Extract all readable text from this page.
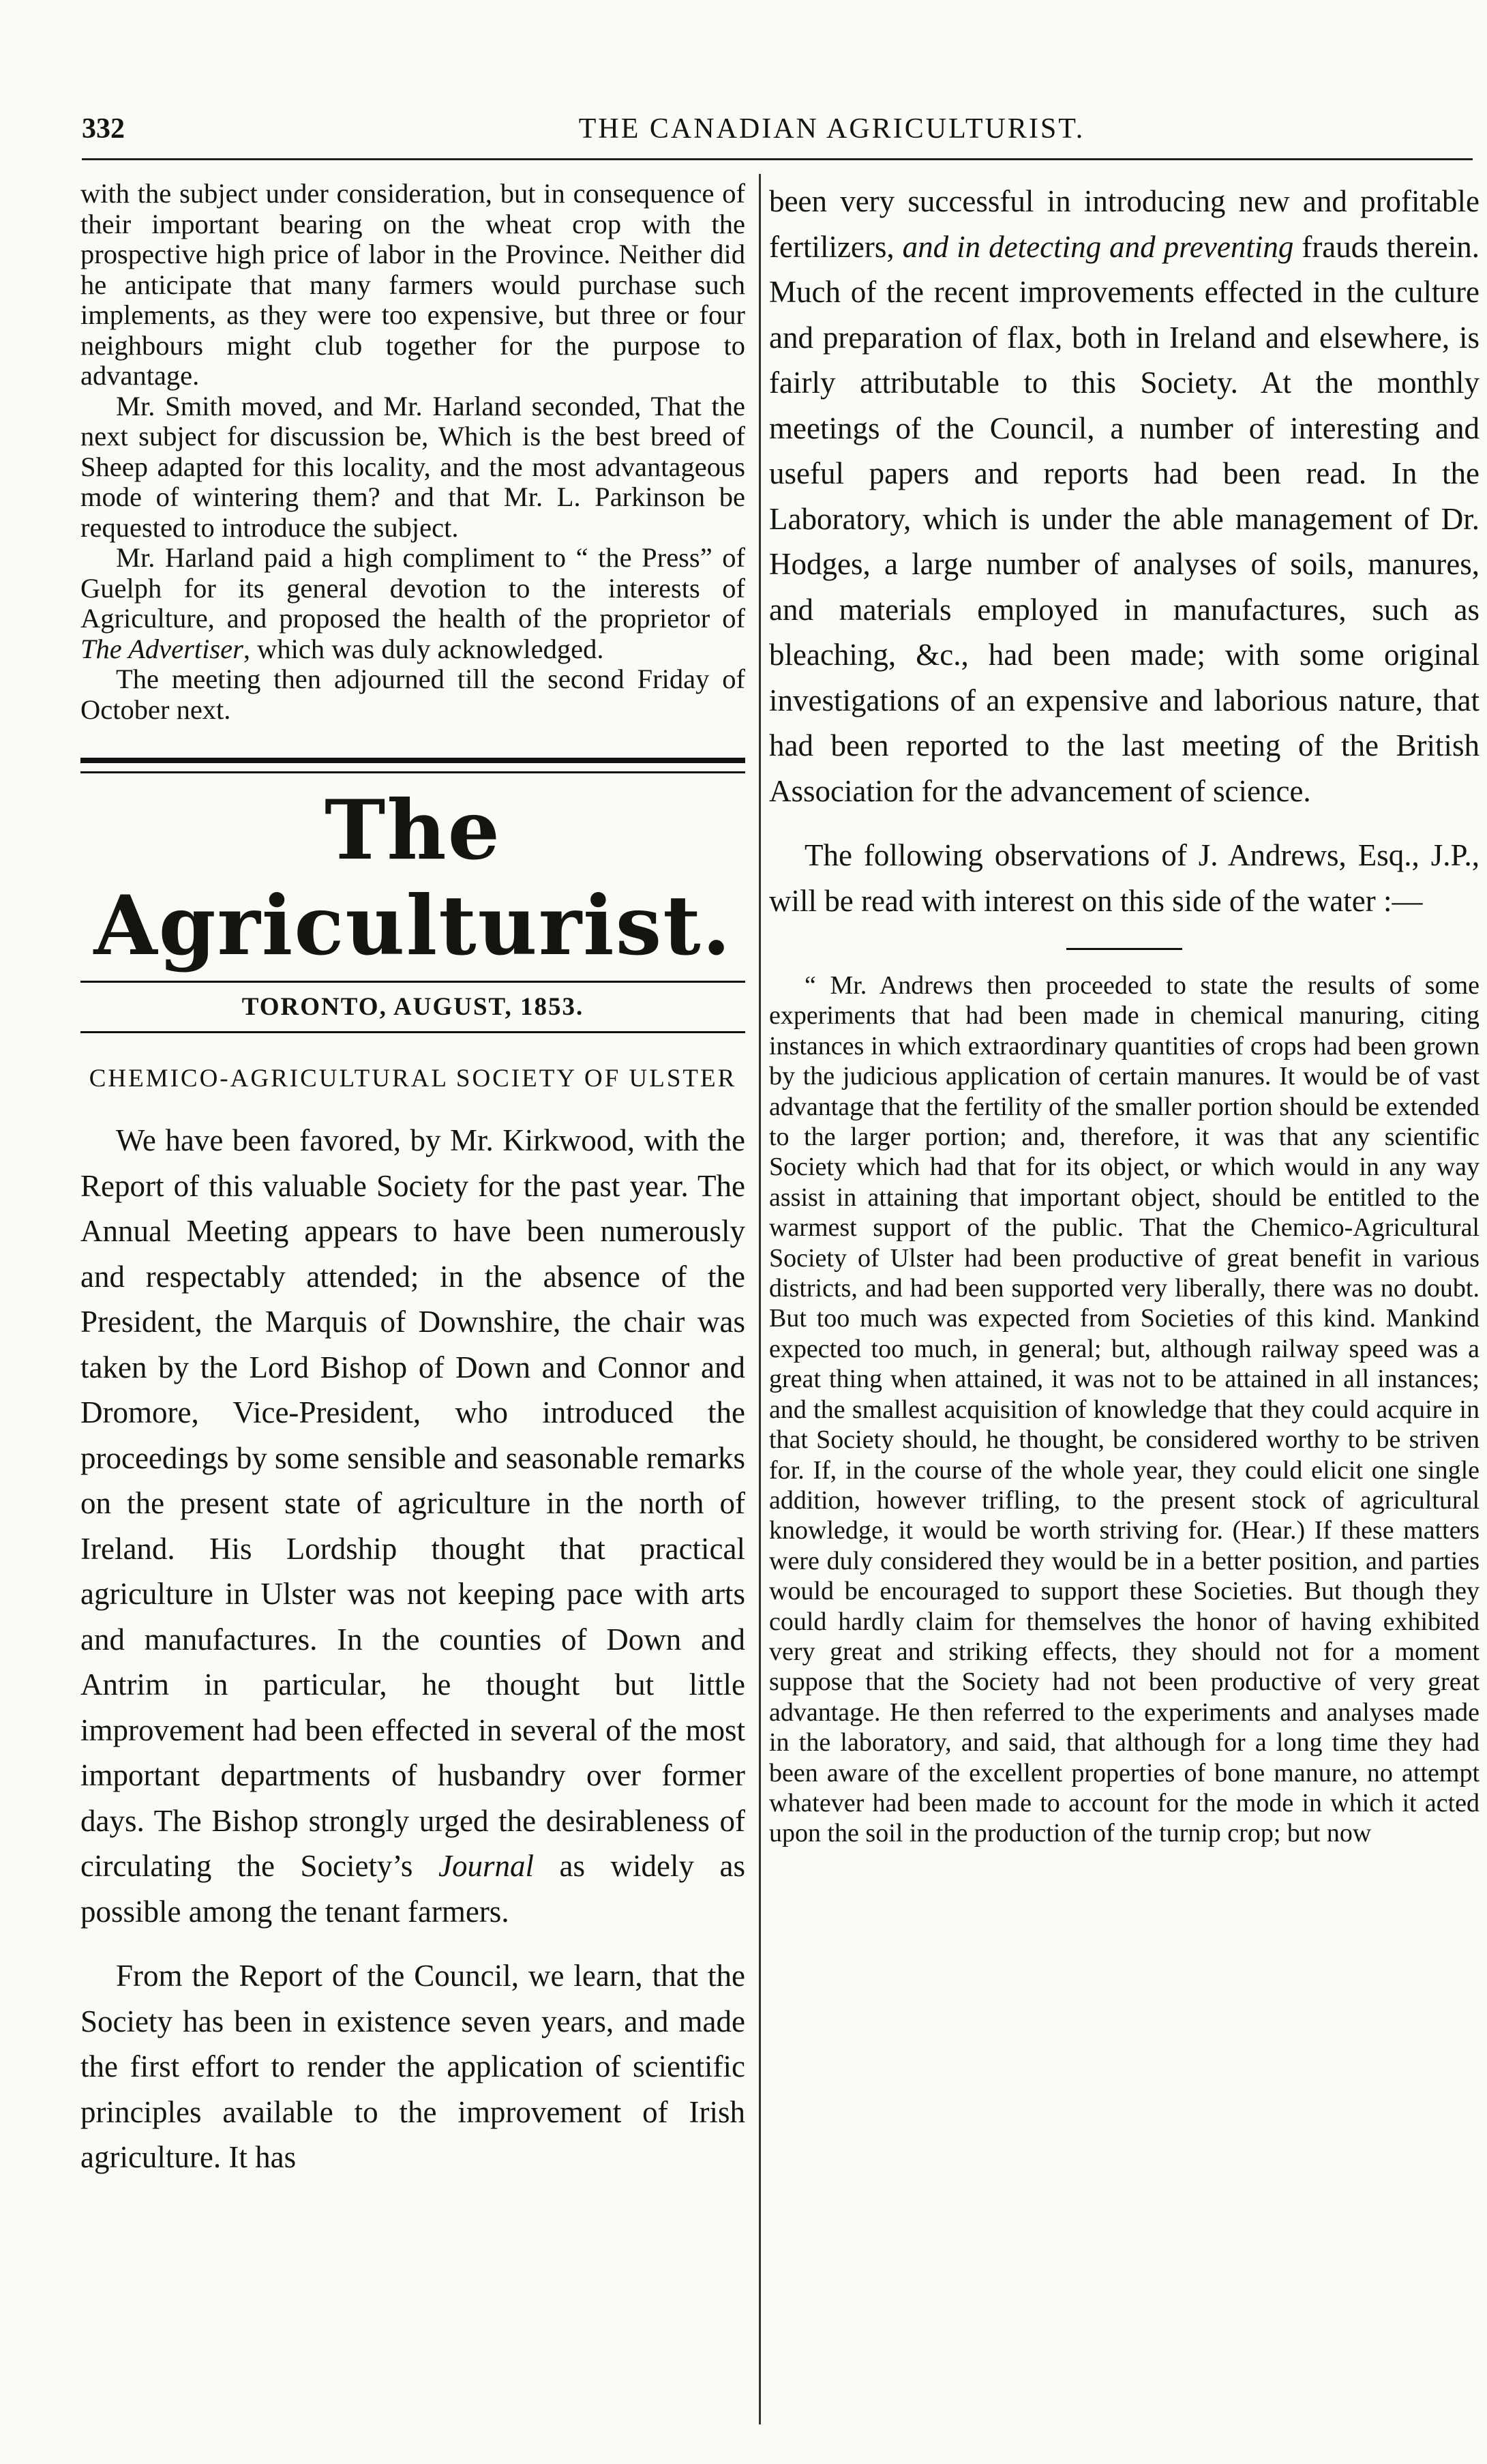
332	THE CANADIAN AGRICULTURIST.

with the subject under consideration, but in consequence of their important bearing on the wheat crop with the prospective high price of labor in the Province. Neither did he anticipate that many farmers would purchase such implements, as they were too expensive, but three or four neighbours might club together for the purpose to advantage.

Mr. Smith moved, and Mr. Harland seconded, That the next subject for discussion be, Which is the best breed of Sheep adapted for this locality, and the most advantageous mode of wintering them? and that Mr. L. Parkinson be requested to introduce the subject.

Mr. Harland paid a high compliment to “ the Press” of Guelph for its general devotion to the interests of Agriculture, and proposed the health of the proprietor of The Advertiser, which was duly acknowledged.

The meeting then adjourned till the second Friday of October next.

The Agriculturist.
TORONTO, AUGUST, 1853.
CHEMICO-AGRICULTURAL SOCIETY OF ULSTER

We have been favored, by Mr. Kirkwood, with the Report of this valuable Society for the past year. The Annual Meeting appears to have been numerously and respectably attended; in the absence of the President, the Marquis of Downshire, the chair was taken by the Lord Bishop of Down and Connor and Dromore, Vice-President, who introduced the proceedings by some sensible and seasonable remarks on the present state of agriculture in the north of Ireland. His Lordship thought that practical agriculture in Ulster was not keeping pace with arts and manufactures. In the counties of Down and Antrim in particular, he thought but little improvement had been effected in several of the most important departments of husbandry over former days. The Bishop strongly urged the desirableness of circulating the Society’s Journal as widely as possible among the tenant farmers.

From the Report of the Council, we learn, that the Society has been in existence seven years, and made the first effort to render the application of scientific principles available to the improvement of Irish agriculture. It has

been very successful in introducing new and profitable fertilizers, and in detecting and preventing frauds therein. Much of the recent improvements effected in the culture and preparation of flax, both in Ireland and elsewhere, is fairly attributable to this Society. At the monthly meetings of the Council, a number of interesting and useful papers and reports had been read. In the Laboratory, which is under the able management of Dr. Hodges, a large number of analyses of soils, manures, and materials employed in manufactures, such as bleaching, &c., had been made; with some original investigations of an expensive and laborious nature, that had been reported to the last meeting of the British Association for the advancement of science.

The following observations of J. Andrews, Esq., J.P., will be read with interest on this side of the water :—

“ Mr. Andrews then proceeded to state the results of some experiments that had been made in chemical manuring, citing instances in which extraordinary quantities of crops had been grown by the judicious application of certain manures. It would be of vast advantage that the fertility of the smaller portion should be extended to the larger portion; and, therefore, it was that any scientific Society which had that for its object, or which would in any way assist in attaining that important object, should be entitled to the warmest support of the public. That the Chemico-Agricultural Society of Ulster had been productive of great benefit in various districts, and had been supported very liberally, there was no doubt. But too much was expected from Societies of this kind. Mankind expected too much, in general; but, although railway speed was a great thing when attained, it was not to be attained in all instances; and the smallest acquisition of knowledge that they could acquire in that Society should, he thought, be considered worthy to be striven for. If, in the course of the whole year, they could elicit one single addition, however trifling, to the present stock of agricultural knowledge, it would be worth striving for. (Hear.) If these matters were duly considered they would be in a better position, and parties would be encouraged to support these Societies. But though they could hardly claim for themselves the honor of having exhibited very great and striking effects, they should not for a moment suppose that the Society had not been productive of very great advantage. He then referred to the experiments and analyses made in the laboratory, and said, that although for a long time they had been aware of the excellent properties of bone manure, no attempt whatever had been made to account for the mode in which it acted upon the soil in the production of the turnip crop; but now
